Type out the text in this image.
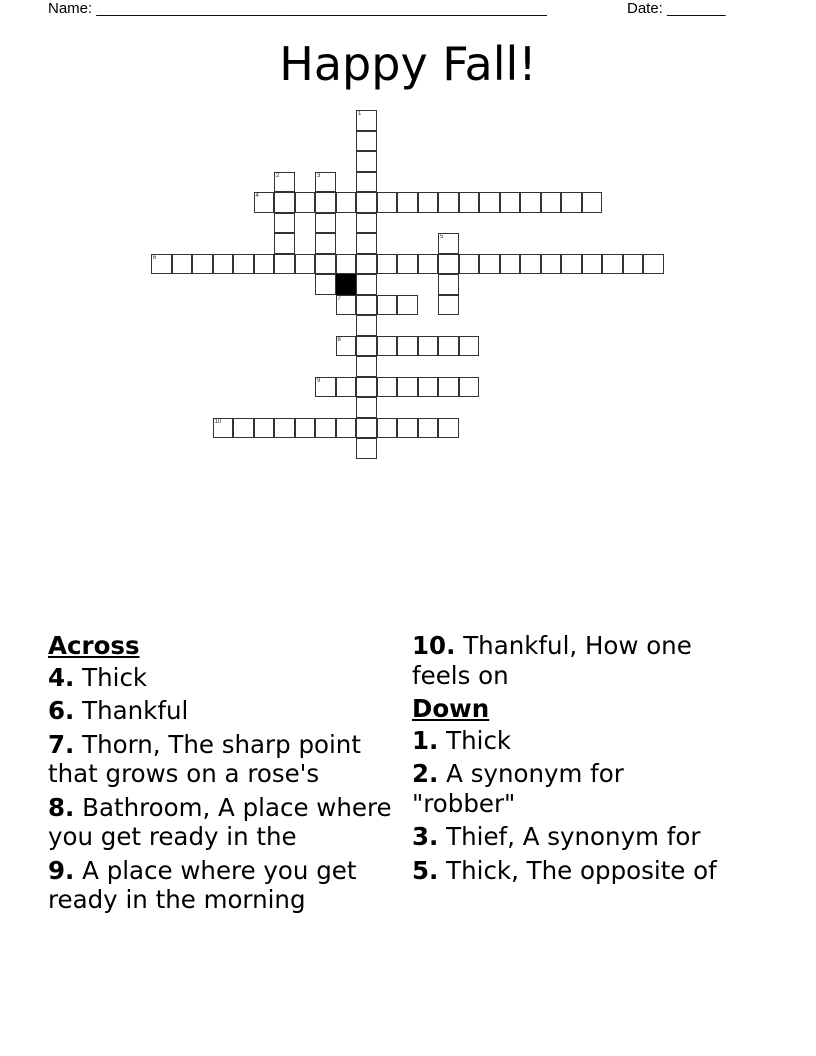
Name: ______________________________________________________	Date: _______
Happy Fall!
1
2	3
4
5
6
7
8
9
10
Across
4. Thick
6. Thankful
7. Thorn, The sharp point that grows on a rose's
8. Bathroom, A place where you get ready in the
9. A place where you get ready in the morning
10. Thankful, How one feels on
Down
1. Thick
2. A synonym for "robber"
3. Thief, A synonym for
5. Thick, The opposite of
